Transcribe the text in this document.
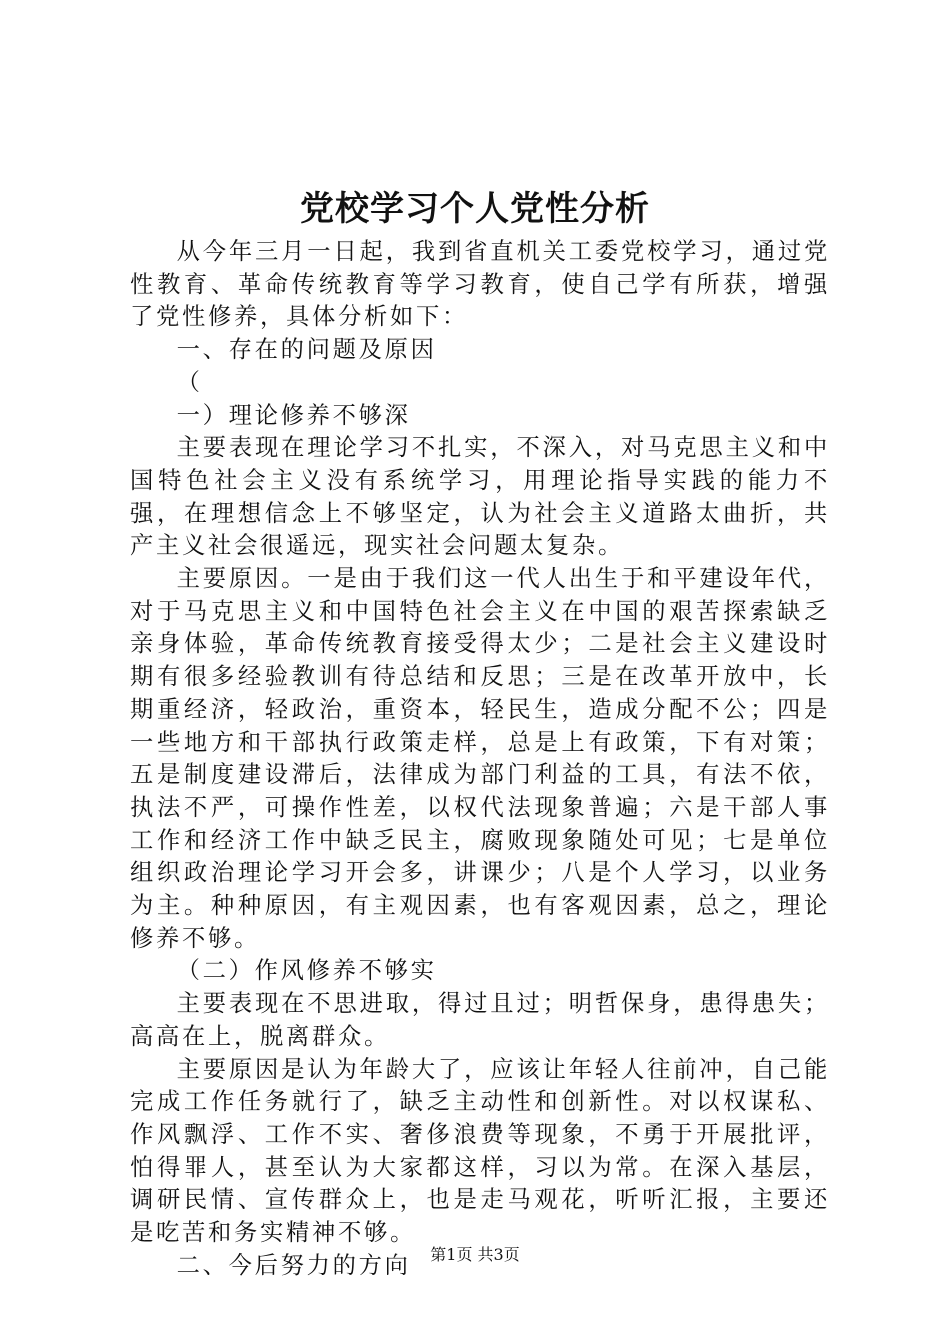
党校学习个人党性分析

从今年三月一日起，我到省直机关工委党校学习，通过党性教育、革命传统教育等学习教育，使自己学有所获，增强了党性修养，具体分析如下：

一、存在的问题及原因

（

一）理论修养不够深

主要表现在理论学习不扎实，不深入，对马克思主义和中国特色社会主义没有系统学习，用理论指导实践的能力不强，在理想信念上不够坚定，认为社会主义道路太曲折，共产主义社会很遥远，现实社会问题太复杂。

主要原因。一是由于我们这一代人出生于和平建设年代，对于马克思主义和中国特色社会主义在中国的艰苦探索缺乏亲身体验，革命传统教育接受得太少；二是社会主义建设时期有很多经验教训有待总结和反思；三是在改革开放中，长期重经济，轻政治，重资本，轻民生，造成分配不公；四是一些地方和干部执行政策走样，总是上有政策，下有对策；五是制度建设滞后，法律成为部门利益的工具，有法不依，执法不严，可操作性差，以权代法现象普遍；六是干部人事工作和经济工作中缺乏民主，腐败现象随处可见；七是单位组织政治理论学习开会多，讲课少；八是个人学习，以业务为主。种种原因，有主观因素，也有客观因素，总之，理论修养不够。

（二）作风修养不够实

主要表现在不思进取，得过且过；明哲保身，患得患失；高高在上，脱离群众。

主要原因是认为年龄大了，应该让年轻人往前冲，自己能完成工作任务就行了，缺乏主动性和创新性。对以权谋私、作风飘浮、工作不实、奢侈浪费等现象，不勇于开展批评，怕得罪人，甚至认为大家都这样，习以为常。在深入基层，调研民情、宣传群众上，也是走马观花，听听汇报，主要还是吃苦和务实精神不够。

二、今后努力的方向	第1页 共3页
